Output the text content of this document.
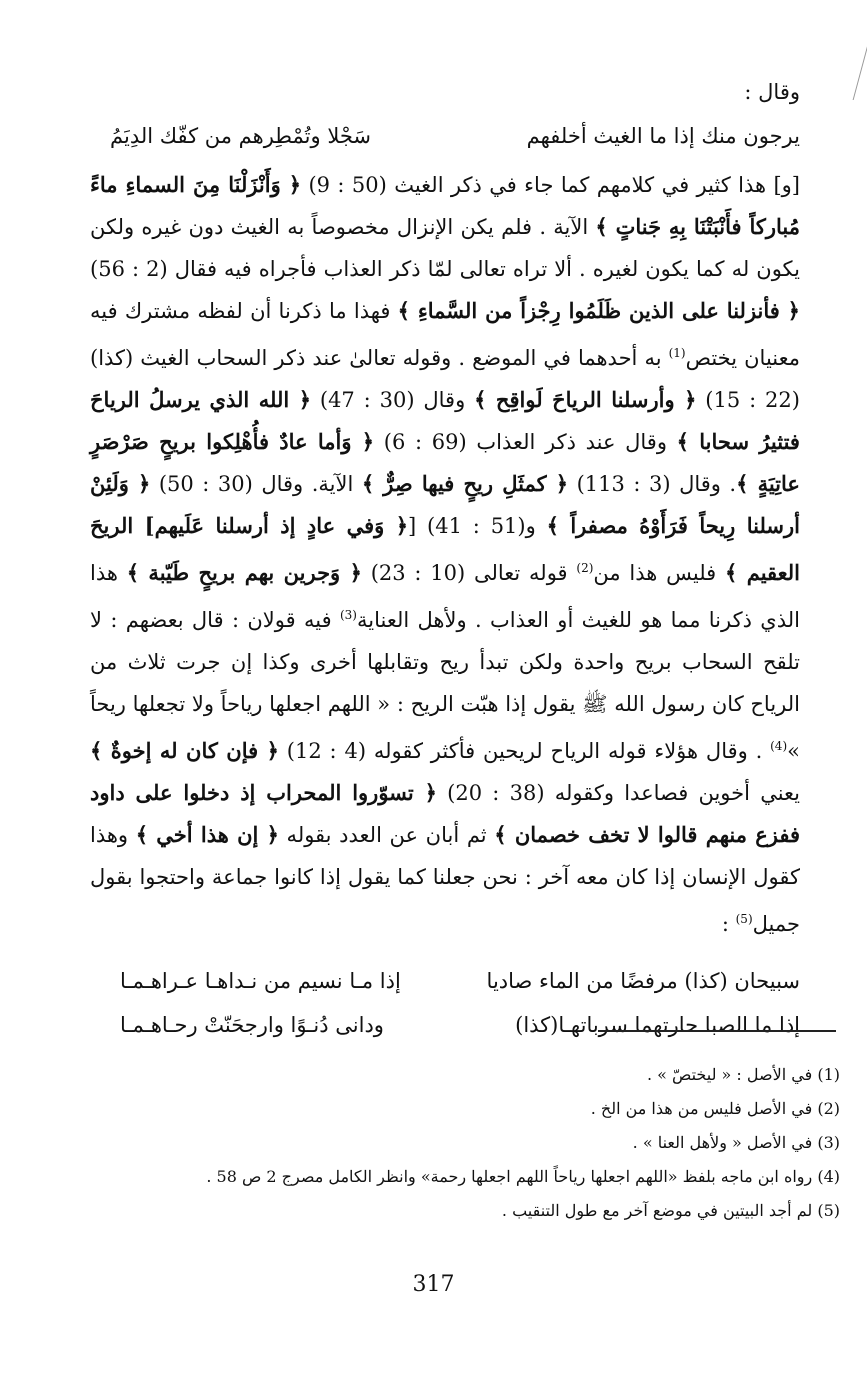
وقال :

يرجون منك إذا ما الغيث أخلفهم
سَجْلا وتُمْطِرهم من كفّك الدِيَمُ

[و] هذا كثير في كلامهم كما جاء في ذكر الغيث (50 : 9) ﴿ وَأَنْزَلْنَا مِنَ السماءِ ماءً مُباركاً فأَنْبَتْنَا بِهِ جَناتٍ ﴾ الآية . فلم يكن الإنزال مخصوصاً به الغيث دون غيره ولكن يكون له كما يكون لغيره . ألا تراه تعالى لمّا ذكر العذاب فأجراه فيه فقال (2 : 56) ﴿ فأنزلنا على الذين ظَلَمُوا رِجْزاً من السَّماءِ ﴾ فهذا ما ذكرنا أن لفظه مشترك فيه معنيان يختص$^{(1)}$ به أحدهما في الموضع . وقوله تعالىٰ عند ذكر السحاب الغيث (كذا) (22 : 15) ﴿ وأرسلنا الرياحَ لَواقِح ﴾ وقال (30 : 47) ﴿ الله الذي يرسلُ الرياحَ فتثيرُ سحابا ﴾ وقال عند ذكر العذاب (69 : 6) ﴿ وَأما عادٌ فأُهْلِكوا بريحٍ صَرْصَرٍ عاتِيَةٍ ﴾. وقال (3 : 113) ﴿ كمثَلِ ريحٍ فيها صِرٌّ ﴾ الآية. وقال (30 : 50) ﴿ وَلَئِنْ أرسلنا رِيحاً فَرَأَوْهُ مصفراً ﴾ و(51 : 41) [﴿ وَفي عادٍ إذ أرسلنا عَلَيهم] الريحَ العقيم ﴾ فليس هذا من$^{(2)}$ قوله تعالى (10 : 23) ﴿ وَجرين بهم بريحٍ طَيّبة ﴾ هذا الذي ذكرنا مما هو للغيث أو العذاب . ولأهل العناية$^{(3)}$ فيه قولان : قال بعضهم : لا تلقح السحاب بريح واحدة ولكن تبدأ ريح وتقابلها أخرى وكذا إن جرت ثلاث من الرياح كان رسول الله ﷺ يقول إذا هبّت الريح : « اللهم اجعلها رياحاً ولا تجعلها ريحاً »$^{(4)}$ . وقال هؤلاء قوله الرياح لريحين فأكثر كقوله (4 : 12) ﴿ فإن كان له إخوةٌ ﴾ يعني أخوين فصاعدا وكقوله (38 : 20) ﴿ تسوّروا المحراب إذ دخلوا على داود ففزع منهم قالوا لا تخف خصمان ﴾ ثم أبان عن العدد بقوله ﴿ إن هذا أخي ﴾ وهذا كقول الإنسان إذا كان معه آخر : نحن جعلنا كما يقول إذا كانوا جماعة واحتجوا بقول جميل$^{(5)}$ :

سبيحان (كذا) مرفضًا من الماء صاديا
إذا مـا نسيم من نـداهـا عـراهـمـا
إذا ما الصبا حارتهما سرباتهـا(كذا)
ودانى دُنـوًا وارجحَنّتْ رحـاهـمـا
(1) في الأصل : « ليختصّ » .
(2) في الأصل فليس من هذا من الخ .
(3) في الأصل « ولأهل العنا » .
(4) رواه ابن ماجه بلفظ «اللهم اجعلها رياحاً اللهم اجعلها رحمة» وانظر الكامل مصرج 2 ص 58 .
(5) لم أجد البيتين في موضع آخر مع طول التنقيب .
317
